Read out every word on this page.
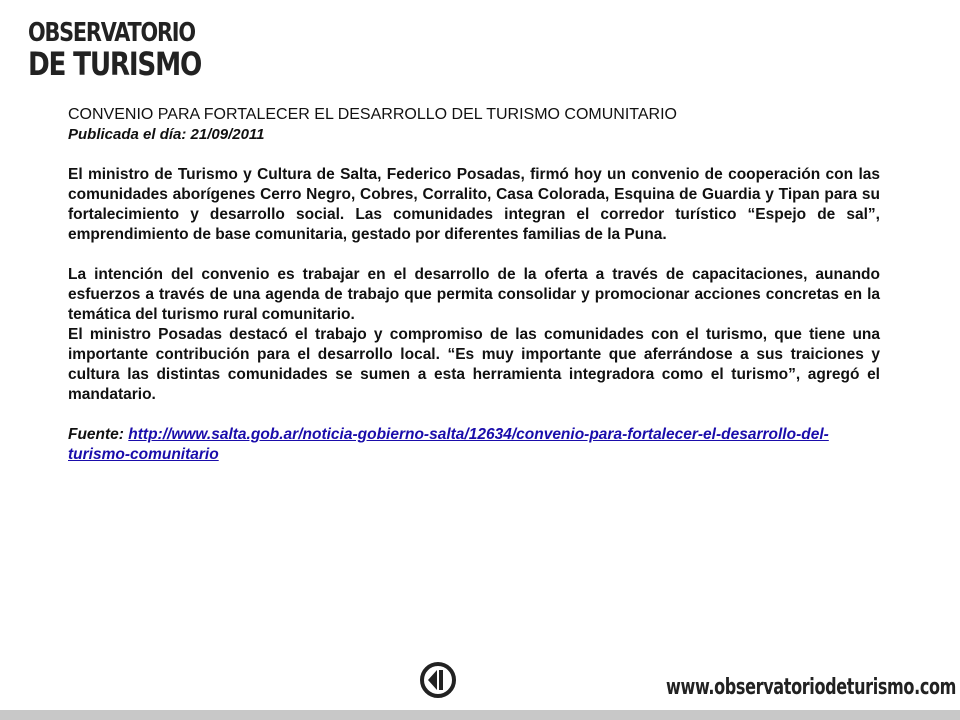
OBSERVATORIO
DE TURISMO
CONVENIO PARA FORTALECER EL DESARROLLO DEL TURISMO COMUNITARIO

Publicada el día: 21/09/2011

El ministro de Turismo y Cultura de Salta, Federico Posadas, firmó hoy un convenio de cooperación con las comunidades aborígenes Cerro Negro, Cobres, Corralito, Casa Colorada, Esquina de Guardia y Tipan para su fortalecimiento y desarrollo social. Las comunidades integran el corredor turístico “Espejo de sal”, emprendimiento de base comunitaria, gestado por diferentes familias de la Puna.

La intención del convenio es trabajar en el desarrollo de la oferta a través de capacitaciones, aunando esfuerzos a través de una agenda de trabajo que permita consolidar y promocionar acciones concretas en la temática del turismo rural comunitario.

El ministro Posadas destacó el trabajo y compromiso de las comunidades con el turismo, que tiene una importante contribución para el desarrollo local. “Es muy importante que aferrándose a sus traiciones y cultura las distintas comunidades se sumen a esta herramienta integradora como el turismo”, agregó el mandatario.

Fuente: http://www.salta.gob.ar/noticia-gobierno-salta/12634/convenio-para-fortalecer-el-desarrollo-del-turismo-comunitario

www.observatoriodeturismo.com
